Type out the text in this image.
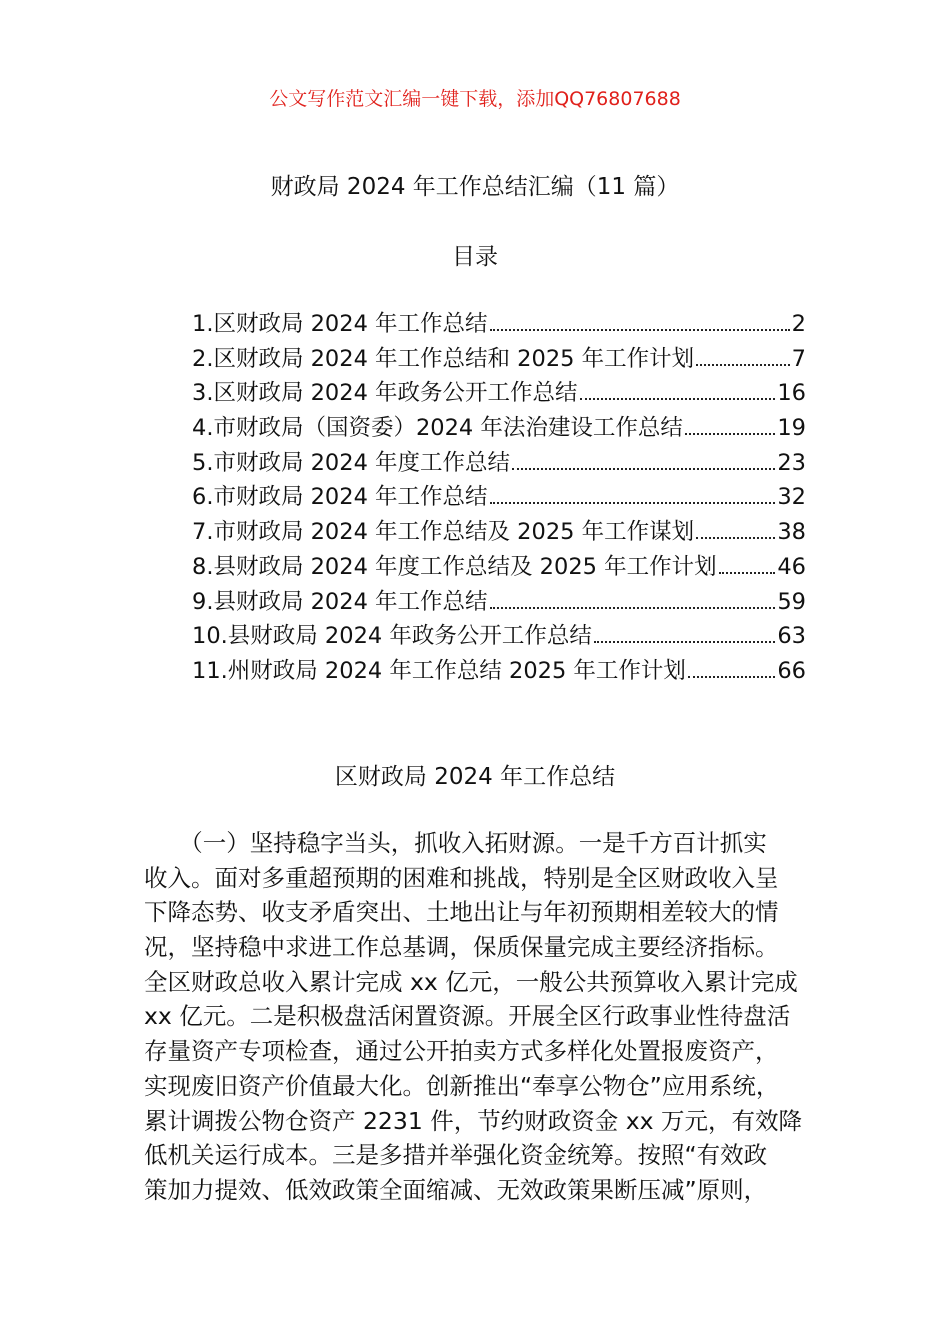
公文写作范文汇编一键下载，添加QQ76807688
财政局 2024 年工作总结汇编（11 篇）
目录
1.区财政局 2024 年工作总结	2
2.区财政局 2024 年工作总结和 2025 年工作计划	7
3.区财政局 2024 年政务公开工作总结	16
4.市财政局（国资委）2024 年法治建设工作总结	19
5.市财政局 2024 年度工作总结	23
6.市财政局 2024 年工作总结	32
7.市财政局 2024 年工作总结及 2025 年工作谋划	38
8.县财政局 2024 年度工作总结及 2025 年工作计划	46
9.县财政局 2024 年工作总结	59
10.县财政局 2024 年政务公开工作总结	63
11.州财政局 2024 年工作总结 2025 年工作计划	66
区财政局 2024 年工作总结
　　（一）坚持稳字当头，抓收入拓财源。一是千方百计抓实
收入。面对多重超预期的困难和挑战，特别是全区财政收入呈
下降态势、收支矛盾突出、土地出让与年初预期相差较大的情
况，坚持稳中求进工作总基调，保质保量完成主要经济指标。
全区财政总收入累计完成 xx 亿元，一般公共预算收入累计完成
xx 亿元。二是积极盘活闲置资源。开展全区行政事业性待盘活
存量资产专项检查，通过公开拍卖方式多样化处置报废资产，
实现废旧资产价值最大化。创新推出“奉享公物仓”应用系统，
累计调拨公物仓资产 2231 件，节约财政资金 xx 万元，有效降
低机关运行成本。三是多措并举强化资金统筹。按照“有效政
策加力提效、低效政策全面缩减、无效政策果断压减”原则，
